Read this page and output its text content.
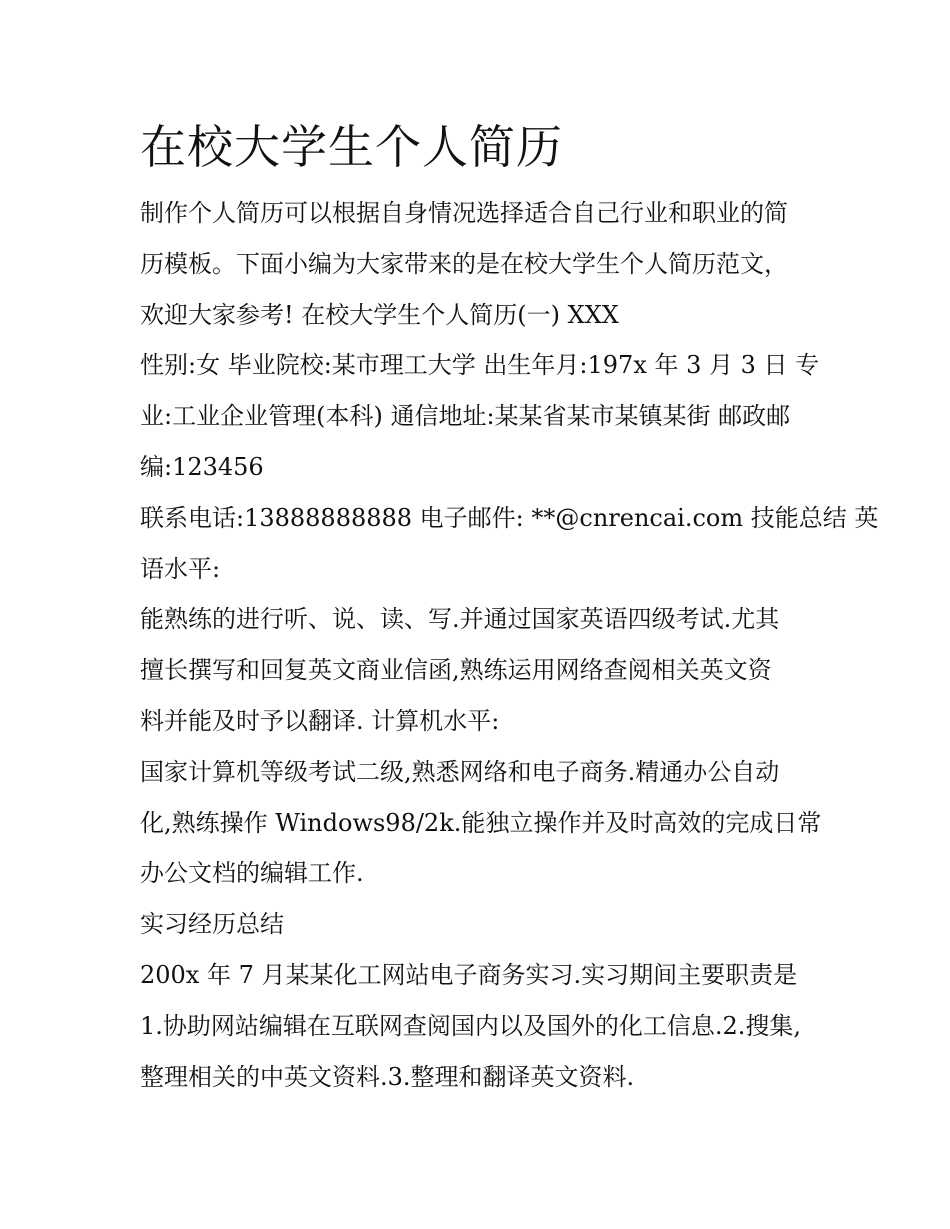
在校大学生个人简历

制作个人简历可以根据自身情况选择适合自己行业和职业的简
历模板。下面小编为大家带来的是在校大学生个人简历范文，
欢迎大家参考! 在校大学生个人简历(一) XXX

性别:女 毕业院校:某市理工大学 出生年月:197x 年 3 月 3 日 专
业:工业企业管理(本科) 通信地址:某某省某市某镇某街 邮政邮
编:123456

联系电话:13888888888 电子邮件: **@cnrencai.com 技能总结 英
语水平:

能熟练的进行听、说、读、写.并通过国家英语四级考试.尤其
擅长撰写和回复英文商业信函,熟练运用网络查阅相关英文资
料并能及时予以翻译. 计算机水平:

国家计算机等级考试二级,熟悉网络和电子商务.精通办公自动
化,熟练操作 Windows98/2k.能独立操作并及时高效的完成日常
办公文档的编辑工作.

实习经历总结

200x 年 7 月某某化工网站电子商务实习.实习期间主要职责是
1.协助网站编辑在互联网查阅国内以及国外的化工信息.2.搜集,
整理相关的中英文资料.3.整理和翻译英文资料.
